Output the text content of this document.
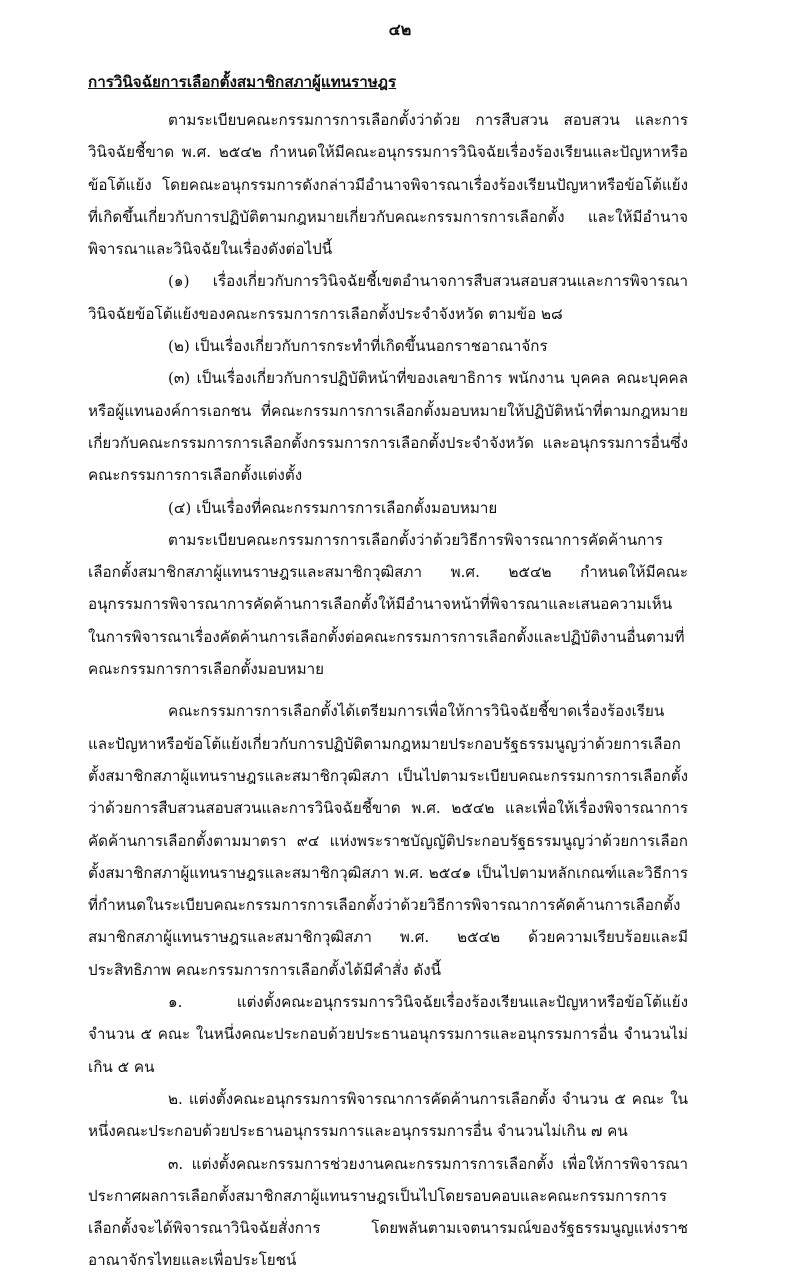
๔๒
การวินิจฉัยการเลือกตั้งสมาชิกสภาผู้แทนราษฎร

ตามระเบียบคณะกรรมการการเลือกตั้งว่าด้วย การสืบสวน สอบสวน และการวินิจฉัยชี้ขาด พ.ศ. ๒๕๔๒ กำหนดให้มีคณะอนุกรรมการวินิจฉัยเรื่องร้องเรียนและปัญหาหรือข้อโต้แย้ง โดยคณะอนุกรรมการดังกล่าวมีอำนาจพิจารณาเรื่องร้องเรียนปัญหาหรือข้อโต้แย้งที่เกิดขึ้นเกี่ยวกับการปฏิบัติตามกฎหมายเกี่ยวกับคณะกรรมการการเลือกตั้ง และให้มีอำนาจพิจารณาและวินิจฉัยในเรื่องดังต่อไปนี้

(๑) เรื่องเกี่ยวกับการวินิจฉัยชี้เขตอำนาจการสืบสวนสอบสวนและการพิจารณาวินิจฉัยข้อโต้แย้งของคณะกรรมการการเลือกตั้งประจำจังหวัด ตามข้อ ๒๘

(๒) เป็นเรื่องเกี่ยวกับการกระทำที่เกิดขึ้นนอกราชอาณาจักร

(๓) เป็นเรื่องเกี่ยวกับการปฏิบัติหน้าที่ของเลขาธิการ พนักงาน บุคคล คณะบุคคลหรือผู้แทนองค์การเอกชน ที่คณะกรรมการการเลือกตั้งมอบหมายให้ปฏิบัติหน้าที่ตามกฎหมายเกี่ยวกับคณะกรรมการการเลือกตั้งกรรมการการเลือกตั้งประจำจังหวัด และอนุกรรมการอื่นซึ่งคณะกรรมการการเลือกตั้งแต่งตั้ง

(๔) เป็นเรื่องที่คณะกรรมการการเลือกตั้งมอบหมาย

ตามระเบียบคณะกรรมการการเลือกตั้งว่าด้วยวิธีการพิจารณาการคัดค้านการเลือกตั้งสมาชิกสภาผู้แทนราษฎรและสมาชิกวุฒิสภา พ.ศ. ๒๕๔๒ กำหนดให้มีคณะอนุกรรมการพิจารณาการคัดค้านการเลือกตั้งให้มีอำนาจหน้าที่พิจารณาและเสนอความเห็นในการพิจารณาเรื่องคัดค้านการเลือกตั้งต่อคณะกรรมการการเลือกตั้งและปฏิบัติงานอื่นตามที่คณะกรรมการการเลือกตั้งมอบหมาย

คณะกรรมการการเลือกตั้งได้เตรียมการเพื่อให้การวินิจฉัยชี้ขาดเรื่องร้องเรียนและปัญหาหรือข้อโต้แย้งเกี่ยวกับการปฏิบัติตามกฎหมายประกอบรัฐธรรมนูญว่าด้วยการเลือกตั้งสมาชิกสภาผู้แทนราษฎรและสมาชิกวุฒิสภา เป็นไปตามระเบียบคณะกรรมการการเลือกตั้งว่าด้วยการสืบสวนสอบสวนและการวินิจฉัยชี้ขาด พ.ศ. ๒๕๔๒ และเพื่อให้เรื่องพิจารณาการคัดค้านการเลือกตั้งตามมาตรา ๙๔ แห่งพระราชบัญญัติประกอบรัฐธรรมนูญว่าด้วยการเลือกตั้งสมาชิกสภาผู้แทนราษฎรและสมาชิกวุฒิสภา พ.ศ. ๒๕๔๑ เป็นไปตามหลักเกณฑ์และวิธีการที่กำหนดในระเบียบคณะกรรมการการเลือกตั้งว่าด้วยวิธีการพิจารณาการคัดค้านการเลือกตั้งสมาชิกสภาผู้แทนราษฎรและสมาชิกวุฒิสภา พ.ศ. ๒๕๔๒ ด้วยความเรียบร้อยและมีประสิทธิภาพ คณะกรรมการการเลือกตั้งได้มีคำสั่ง ดังนี้

๑. แต่งตั้งคณะอนุกรรมการวินิจฉัยเรื่องร้องเรียนและปัญหาหรือข้อโต้แย้ง จำนวน ๕ คณะ ในหนึ่งคณะประกอบด้วยประธานอนุกรรมการและอนุกรรมการอื่น จำนวนไม่เกิน ๕ คน

๒. แต่งตั้งคณะอนุกรรมการพิจารณาการคัดค้านการเลือกตั้ง จำนวน ๕ คณะ ในหนึ่งคณะประกอบด้วยประธานอนุกรรมการและอนุกรรมการอื่น จำนวนไม่เกิน ๗ คน

๓. แต่งตั้งคณะกรรมการช่วยงานคณะกรรมการการเลือกตั้ง เพื่อให้การพิจารณาประกาศผลการเลือกตั้งสมาชิกสภาผู้แทนราษฎรเป็นไปโดยรอบคอบและคณะกรรมการการเลือกตั้งจะได้พิจารณาวินิจฉัยสั่งการ โดยพลันตามเจตนารมณ์ของรัฐธรรมนูญแห่งราชอาณาจักรไทยและเพื่อประโยชน์
